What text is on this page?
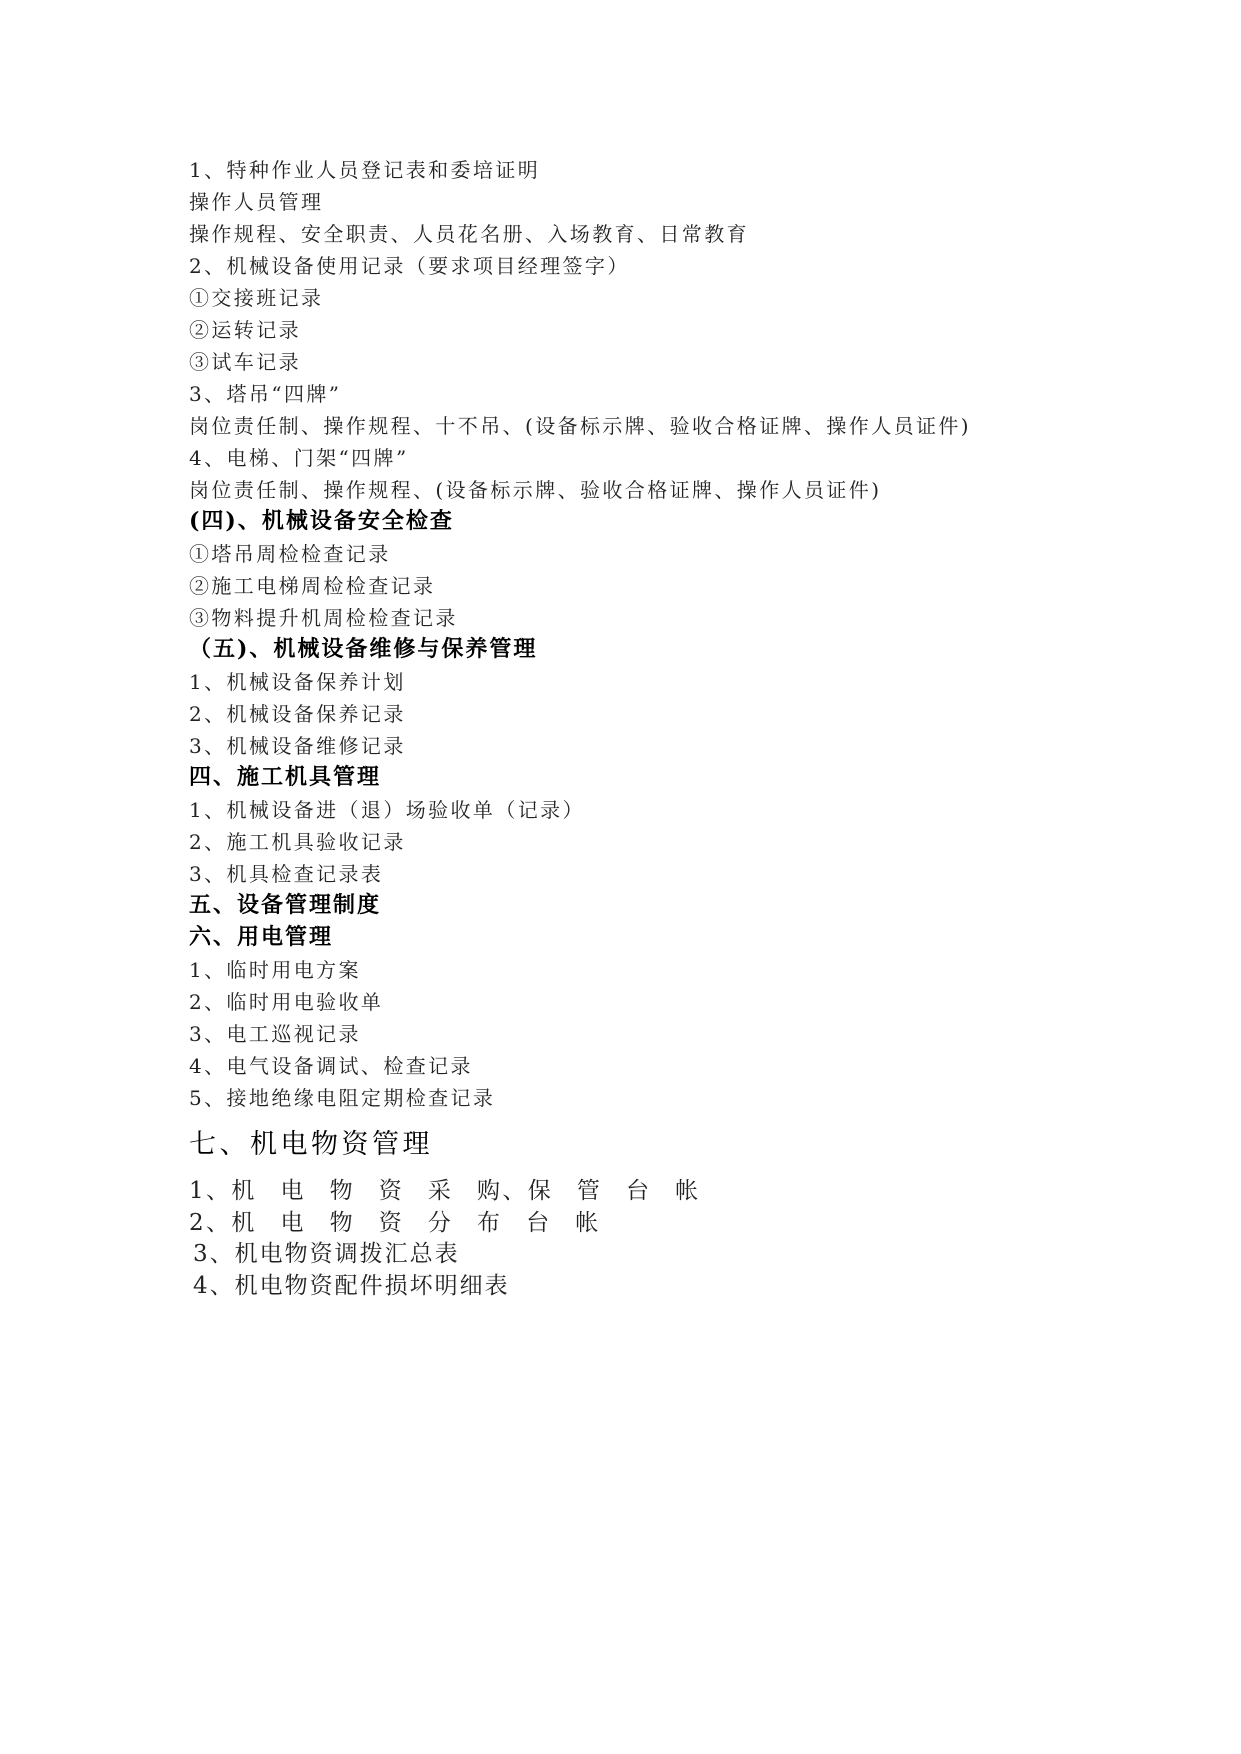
1、特种作业人员登记表和委培证明
操作人员管理
操作规程、安全职责、人员花名册、入场教育、日常教育
2、机械设备使用记录（要求项目经理签字）
①交接班记录
②运转记录
③试车记录
3、塔吊“四牌”
岗位责任制、操作规程、十不吊、(设备标示牌、验收合格证牌、操作人员证件)
4、电梯、门架“四牌”
岗位责任制、操作规程、(设备标示牌、验收合格证牌、操作人员证件)
(四)、机械设备安全检查
①塔吊周检检查记录
②施工电梯周检检查记录
③物料提升机周检检查记录
（五)、机械设备维修与保养管理
1、机械设备保养计划
2、机械设备保养记录
3、机械设备维修记录
四、施工机具管理
1、机械设备进（退）场验收单（记录）
2、施工机具验收记录
3、机具检查记录表
五、设备管理制度
六、用电管理
1、临时用电方案
2、临时用电验收单
3、电工巡视记录
4、电气设备调试、检查记录
5、接地绝缘电阻定期检查记录
七、机电物资管理
1、机 电 物 资 采 购、保 管 台 帐
2、机 电 物 资 分 布 台 帐
3、机电物资调拨汇总表
4、机电物资配件损坏明细表
